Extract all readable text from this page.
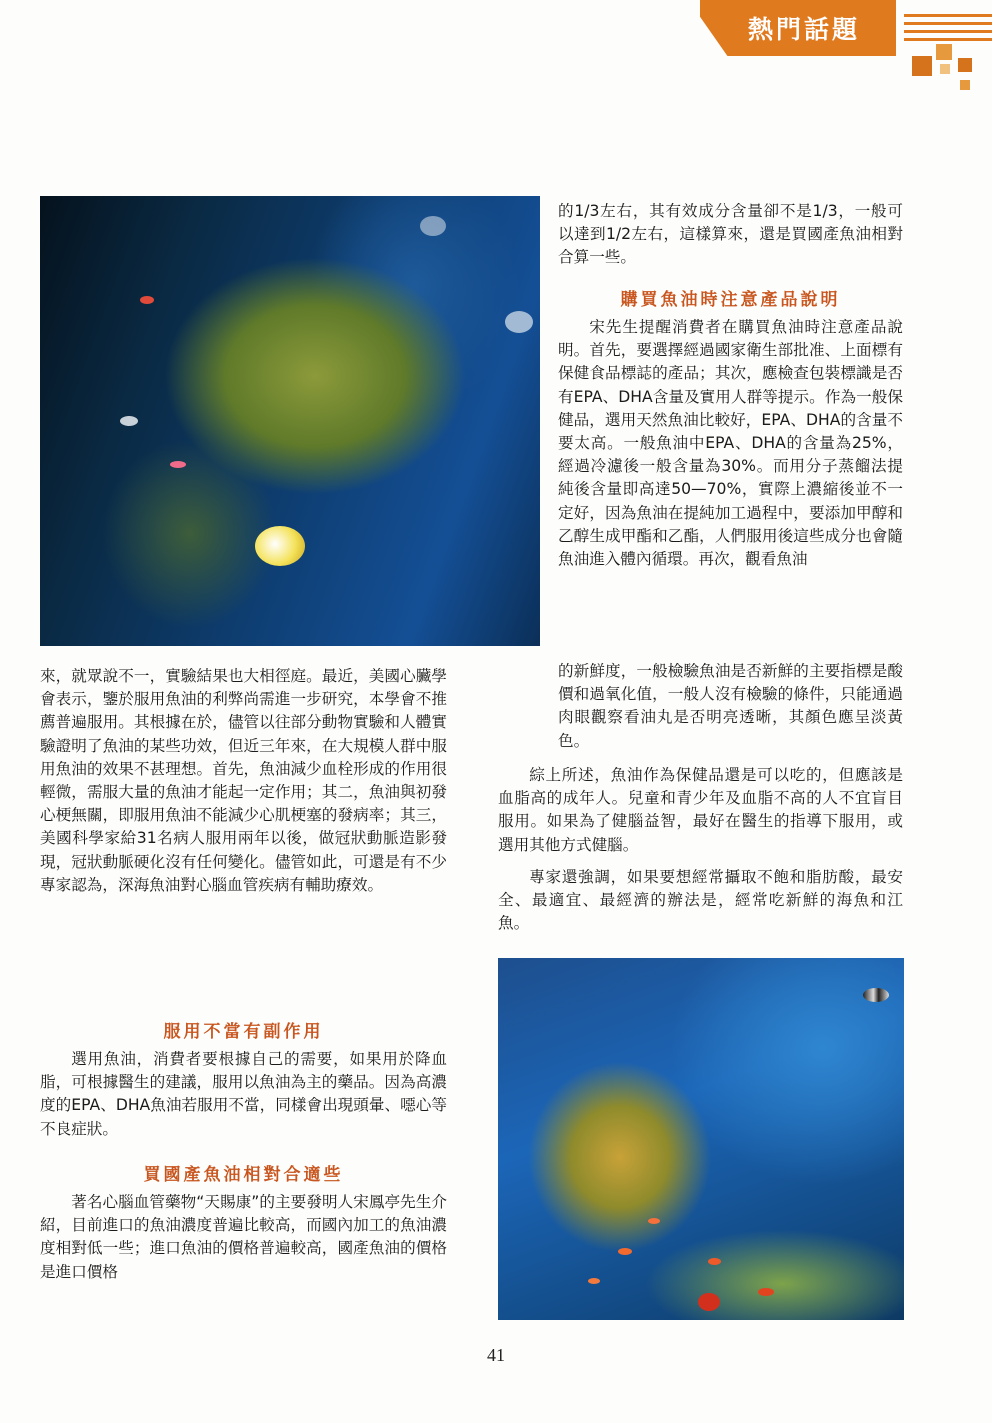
熱門話題

的1/3左右，其有效成分含量卻不是1/3，一般可以達到1/2左右，這樣算來，還是買國產魚油相對合算一些。

購買魚油時注意產品說明

宋先生提醒消費者在購買魚油時注意產品說明。首先，要選擇經過國家衛生部批准、上面標有保健食品標誌的產品；其次，應檢查包裝標識是否有EPA、DHA含量及實用人群等提示。作為一般保健品，選用天然魚油比較好，EPA、DHA的含量不要太高。一般魚油中EPA、DHA的含量為25%，經過冷濾後一般含量為30%。而用分子蒸餾法提純後含量即高達50—70%，實際上濃縮後並不一定好，因為魚油在提純加工過程中，要添加甲醇和乙醇生成甲酯和乙酯，人們服用後這些成分也會隨魚油進入體內循環。再次，觀看魚油

的新鮮度，一般檢驗魚油是否新鮮的主要指標是酸價和過氧化值，一般人沒有檢驗的條件，只能通過肉眼觀察看油丸是否明亮透晰，其顏色應呈淡黃色。

綜上所述，魚油作為保健品還是可以吃的，但應該是血脂高的成年人。兒童和青少年及血脂不高的人不宜盲目服用。如果為了健腦益智，最好在醫生的指導下服用，或選用其他方式健腦。

專家還強調，如果要想經常攝取不飽和脂肪酸，最安全、最適宜、最經濟的辦法是，經常吃新鮮的海魚和江魚。

來，就眾說不一，實驗結果也大相徑庭。最近，美國心臟學會表示，鑒於服用魚油的利弊尚需進一步研究，本學會不推薦普遍服用。其根據在於，儘管以往部分動物實驗和人體實驗證明了魚油的某些功效，但近三年來，在大規模人群中服用魚油的效果不甚理想。首先，魚油減少血栓形成的作用很輕微，需服大量的魚油才能起一定作用；其二，魚油與初發心梗無關，即服用魚油不能減少心肌梗塞的發病率；其三，美國科學家給31名病人服用兩年以後，做冠狀動脈造影發現，冠狀動脈硬化沒有任何變化。儘管如此，可還是有不少專家認為，深海魚油對心腦血管疾病有輔助療效。

服用不當有副作用

選用魚油，消費者要根據自己的需要，如果用於降血脂，可根據醫生的建議，服用以魚油為主的藥品。因為高濃度的EPA、DHA魚油若服用不當，同樣會出現頭暈、噁心等不良症狀。

買國產魚油相對合適些

著名心腦血管藥物“天賜康”的主要發明人宋鳳亭先生介紹，目前進口的魚油濃度普遍比較高，而國內加工的魚油濃度相對低一些；進口魚油的價格普遍較高，國產魚油的價格是進口價格

41
